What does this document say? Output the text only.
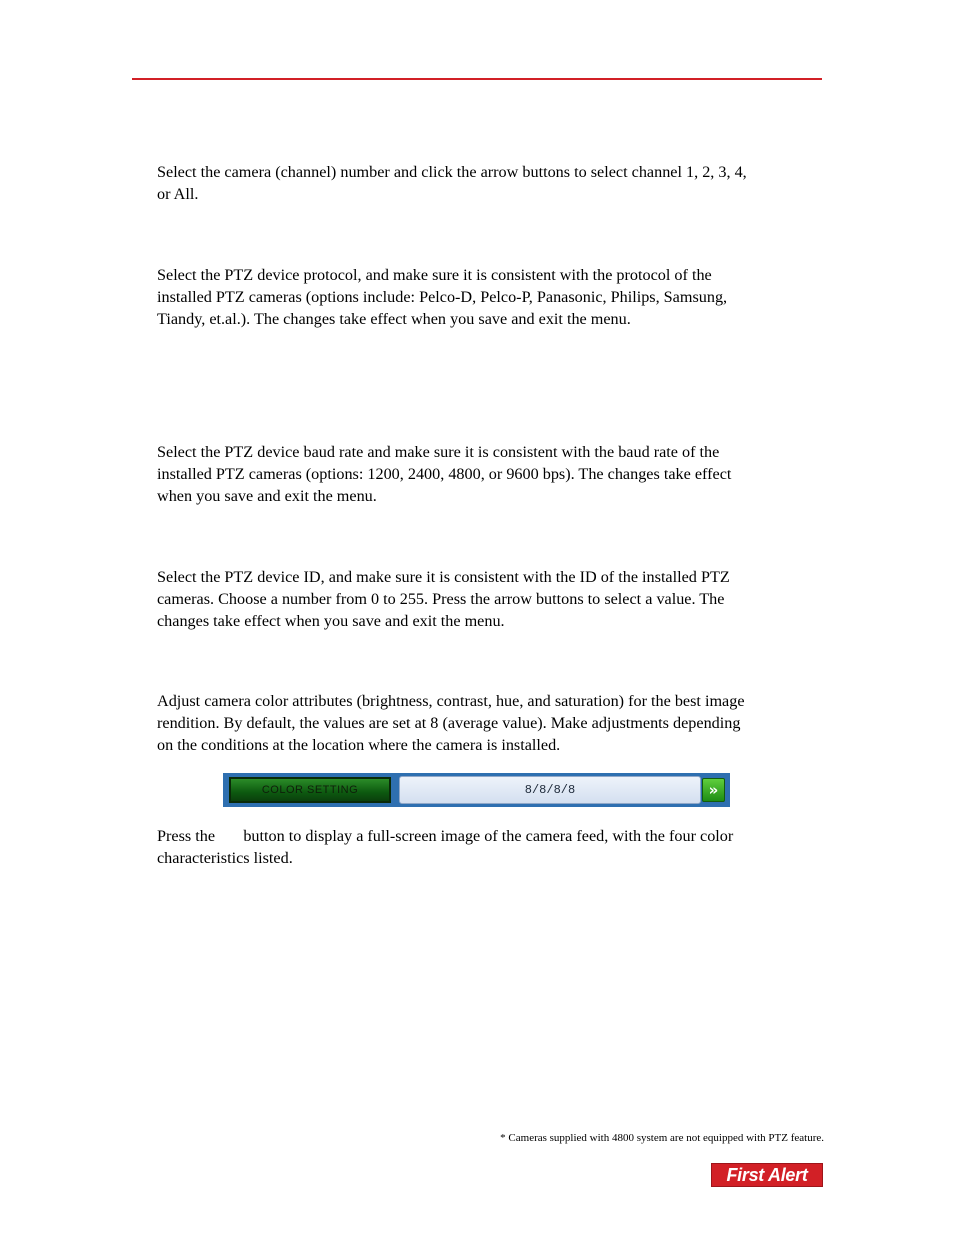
Select the camera (channel) number and click the arrow buttons to select channel 1, 2, 3, 4,
or All.

Select the PTZ device protocol, and make sure it is consistent with the protocol of the
installed PTZ cameras (options include: Pelco-D, Pelco-P, Panasonic, Philips, Samsung,
Tiandy, et.al.). The changes take effect when you save and exit the menu.

Select the PTZ device baud rate and make sure it is consistent with the baud rate of the
installed PTZ cameras (options: 1200, 2400, 4800, or 9600 bps). The changes take effect
when you save and exit the menu.

Select the PTZ device ID, and make sure it is consistent with the ID of the installed PTZ
cameras. Choose a number from 0 to 255. Press the arrow buttons to select a value. The
changes take effect when you save and exit the menu.

Adjust camera color attributes (brightness, contrast, hue, and saturation) for the best image
rendition. By default, the values are set at 8 (average value). Make adjustments depending
on the conditions at the location where the camera is installed.

COLOR SETTING	8/8/8/8	»

Press the       button to display a full-screen image of the camera feed, with the four color
characteristics listed.

* Cameras supplied with 4800 system are not equipped with PTZ feature.

First Alert
